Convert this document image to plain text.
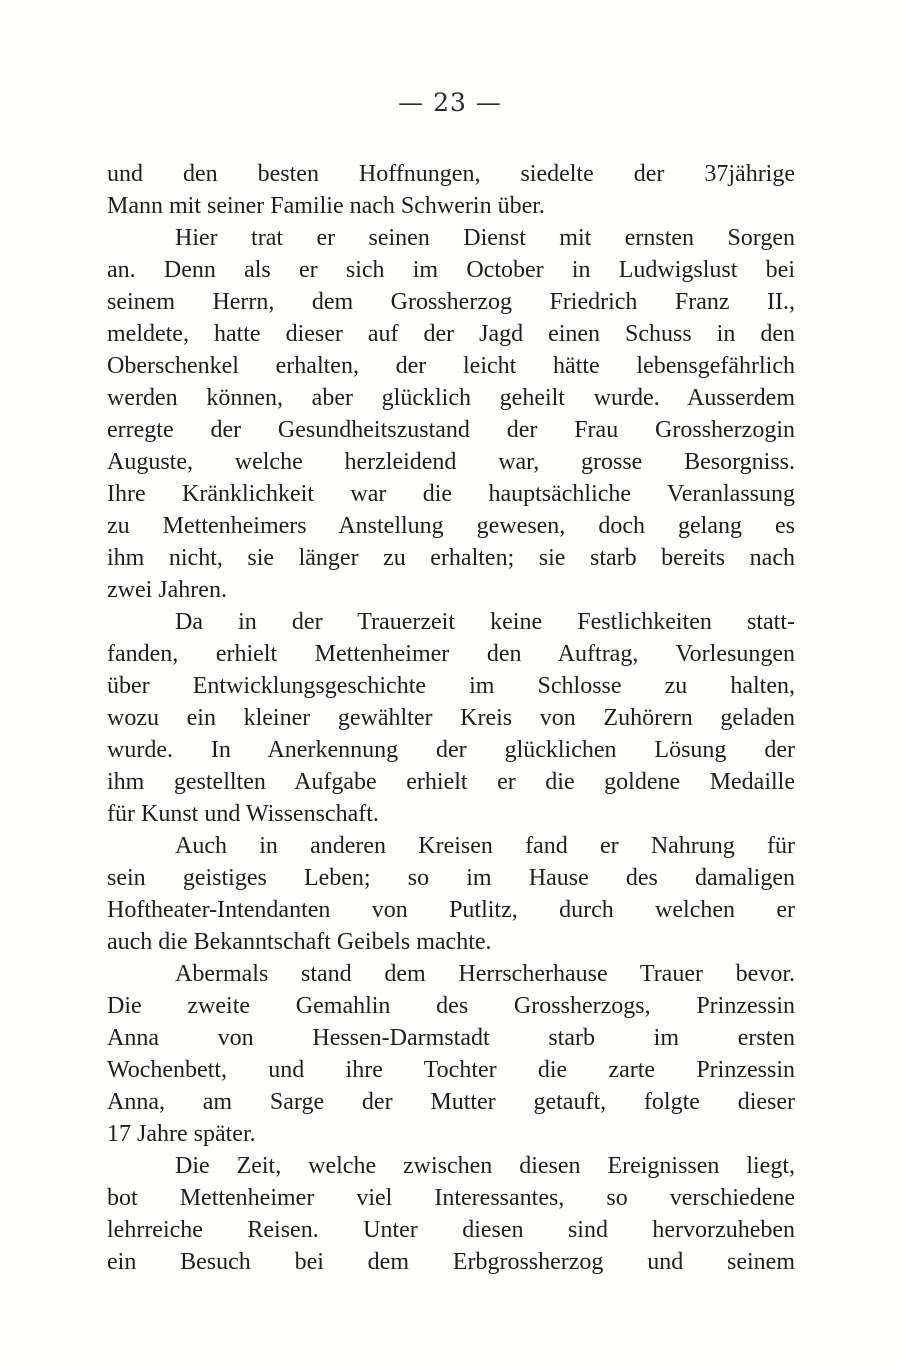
— 23 —
und den besten Hoffnungen, siedelte der 37jährige
Mann mit seiner Familie nach Schwerin über.
Hier trat er seinen Dienst mit ernsten Sorgen
an. Denn als er sich im October in Ludwigslust bei
seinem Herrn, dem Grossherzog Friedrich Franz II.,
meldete, hatte dieser auf der Jagd einen Schuss in den
Oberschenkel erhalten, der leicht hätte lebensgefährlich
werden können, aber glücklich geheilt wurde. Ausserdem
erregte der Gesundheitszustand der Frau Grossherzogin
Auguste, welche herzleidend war, grosse Besorgniss.
Ihre Kränklichkeit war die hauptsächliche Veranlassung
zu Mettenheimers Anstellung gewesen, doch gelang es
ihm nicht, sie länger zu erhalten; sie starb bereits nach
zwei Jahren.
Da in der Trauerzeit keine Festlichkeiten statt-
fanden, erhielt Mettenheimer den Auftrag, Vorlesungen
über Entwicklungsgeschichte im Schlosse zu halten,
wozu ein kleiner gewählter Kreis von Zuhörern geladen
wurde. In Anerkennung der glücklichen Lösung der
ihm gestellten Aufgabe erhielt er die goldene Medaille
für Kunst und Wissenschaft.
Auch in anderen Kreisen fand er Nahrung für
sein geistiges Leben; so im Hause des damaligen
Hoftheater-Intendanten von Putlitz, durch welchen er
auch die Bekanntschaft Geibels machte.
Abermals stand dem Herrscherhause Trauer bevor.
Die zweite Gemahlin des Grossherzogs, Prinzessin
Anna von Hessen-Darmstadt starb im ersten
Wochenbett, und ihre Tochter die zarte Prinzessin
Anna, am Sarge der Mutter getauft, folgte dieser
17 Jahre später.
Die Zeit, welche zwischen diesen Ereignissen liegt,
bot Mettenheimer viel Interessantes, so verschiedene
lehrreiche Reisen. Unter diesen sind hervorzuheben
ein Besuch bei dem Erbgrossherzog und seinem
